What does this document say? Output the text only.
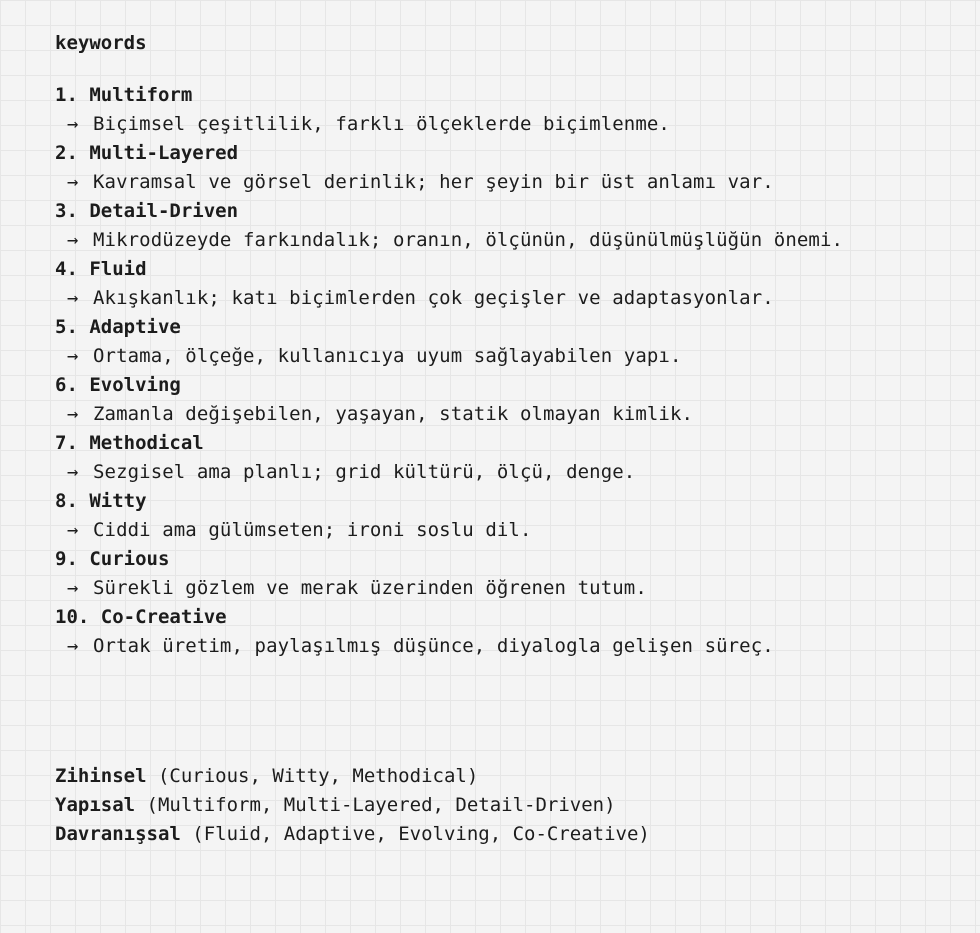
keywords
1. Multiform
→ Biçimsel çeşitlilik, farklı ölçeklerde biçimlenme.
2. Multi-Layered
→ Kavramsal ve görsel derinlik; her şeyin bir üst anlamı var.
3. Detail-Driven
→ Mikrodüzeyde farkındalık; oranın, ölçünün, düşünülmüşlüğün önemi.
4. Fluid
→ Akışkanlık; katı biçimlerden çok geçişler ve adaptasyonlar.
5. Adaptive
→ Ortama, ölçeğe, kullanıcıya uyum sağlayabilen yapı.
6. Evolving
→ Zamanla değişebilen, yaşayan, statik olmayan kimlik.
7. Methodical
→ Sezgisel ama planlı; grid kültürü, ölçü, denge.
8. Witty
→ Ciddi ama gülümseten; ironi soslu dil.
9. Curious
→ Sürekli gözlem ve merak üzerinden öğrenen tutum.
10. Co-Creative
→ Ortak üretim, paylaşılmış düşünce, diyalogla gelişen süreç.
Zihinsel (Curious, Witty, Methodical)
Yapısal (Multiform, Multi-Layered, Detail-Driven)
Davranışsal (Fluid, Adaptive, Evolving, Co-Creative)
